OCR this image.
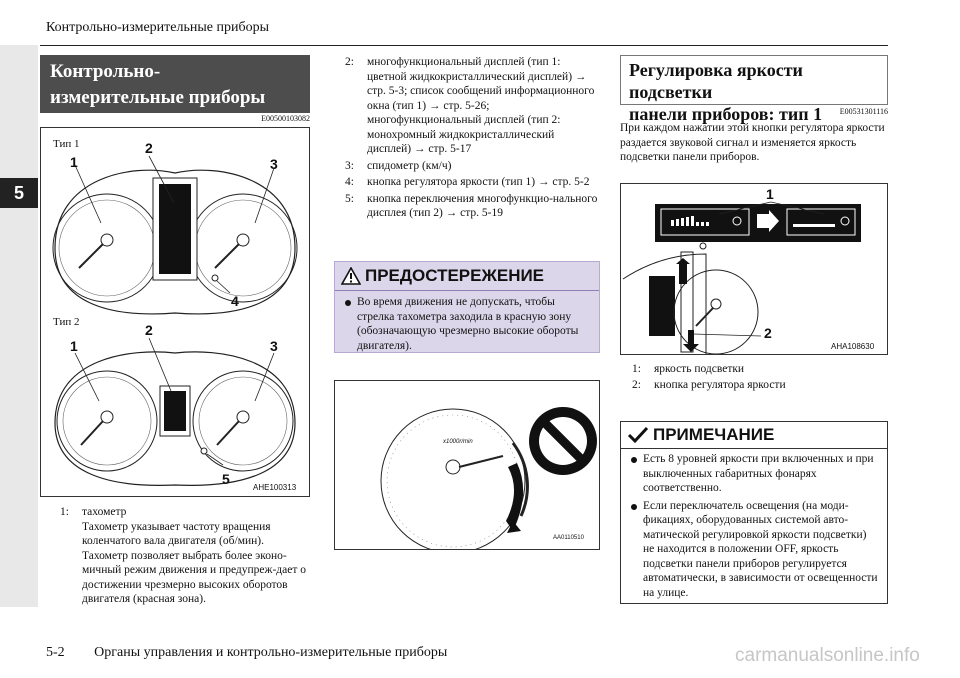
Контрольно-измерительные приборы
5
Контрольно-
измерительные приборы
E00500103082
Тип 1
Тип 2
1
2
3
4
1
2
3
5
AHE100313
1: тахометр
Тахометр указывает частоту вращения коленчатого вала двигателя (об/мин). Тахометр позволяет выбрать более эконо-мичный режим движения и предупреж-дает о достижении чрезмерно высоких оборотов двигателя (красная зона).
2: многофункциональный дисплей (тип 1: цветной жидкокристаллический дисплей) → стр. 5-3; список сообщений информационного окна (тип 1) → стр. 5-26; многофункциональный дисплей (тип 2: монохромный жидкокристаллический дисплей) → стр. 5-17
3: спидометр (км/ч)
4: кнопка регулятора яркости (тип 1) → стр. 5-2
5: кнопка переключения многофункцио-нального дисплея (тип 2) → стр. 5-19
ПРЕДОСТЕРЕЖЕНИЕ
Во время движения не допускать, чтобы стрелка тахометра заходила в красную зону (обозначающую чрезмерно высокие обороты двигателя).
x1000r/min
AA0110510
Регулировка яркости подсветки
панели приборов: тип 1	E00531301116
При каждом нажатии этой кнопки регулятора яркости раздается звуковой сигнал и изменяется яркость подсветки панели приборов.
1
2
AHA108630
1: яркость подсветки
2: кнопка регулятора яркости
ПРИМЕЧАНИЕ
Есть 8 уровней яркости при включенных и при выключенных габаритных фонарях соответственно.
Если переключатель освещения (на моди-фикациях, оборудованных системой авто-матической регулировкой яркости подсветки) не находится в положении OFF, яркость подсветки панели приборов регулируется автоматически, в зависимости от освещенности на улице.
5-2 Органы управления и контрольно-измерительные приборы	carmanualsonline.info
